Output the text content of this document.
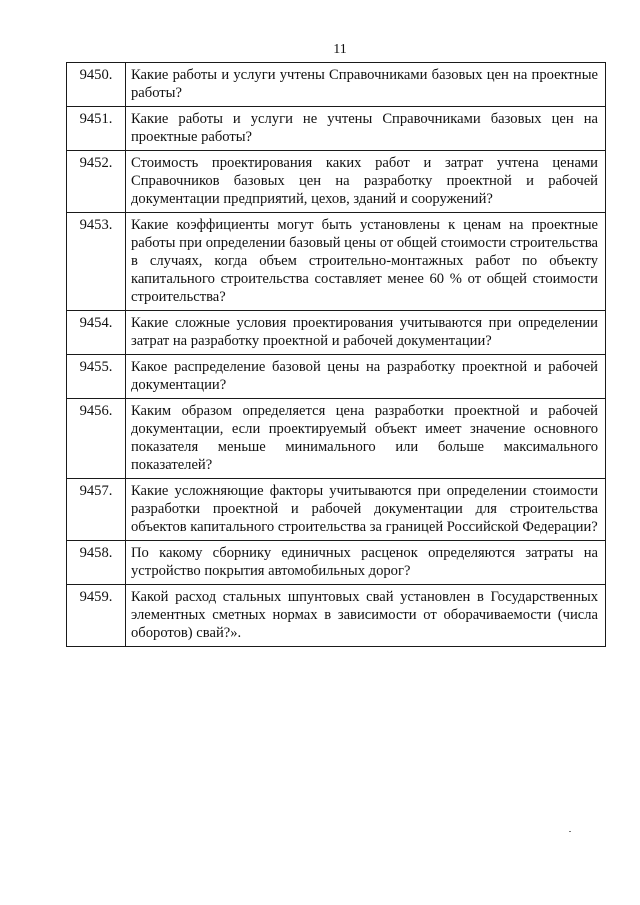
11
9450.	Какие работы и услуги учтены Справочниками базовых цен на проектные работы?
9451.	Какие работы и услуги не учтены Справочниками базовых цен на проектные работы?
9452.	Стоимость проектирования каких работ и затрат учтена ценами Справочников базовых цен на разработку проектной и рабочей документации предприятий, цехов, зданий и сооружений?
9453.	Какие коэффициенты могут быть установлены к ценам на проектные работы при определении базовый цены от общей стоимости строительства в случаях, когда объем строительно-монтажных работ по объекту капитального строительства составляет менее 60 % от общей стоимости строительства?
9454.	Какие сложные условия проектирования учитываются при определении затрат на разработку проектной и рабочей документации?
9455.	Какое распределение базовой цены на разработку проектной и рабочей документации?
9456.	Каким образом определяется цена разработки проектной и рабочей документации, если проектируемый объект имеет значение основного показателя меньше минимального или больше максимального показателей?
9457.	Какие усложняющие факторы учитываются при определении стоимости разработки проектной и рабочей документации для строительства объектов капитального строительства за границей Российской Федерации?
9458.	По какому сборнику единичных расценок определяются затраты на устройство покрытия автомобильных дорог?
9459.	Какой расход стальных шпунтовых свай установлен в Государственных элементных сметных нормах в зависимости от оборачиваемости (числа оборотов) свай?».
